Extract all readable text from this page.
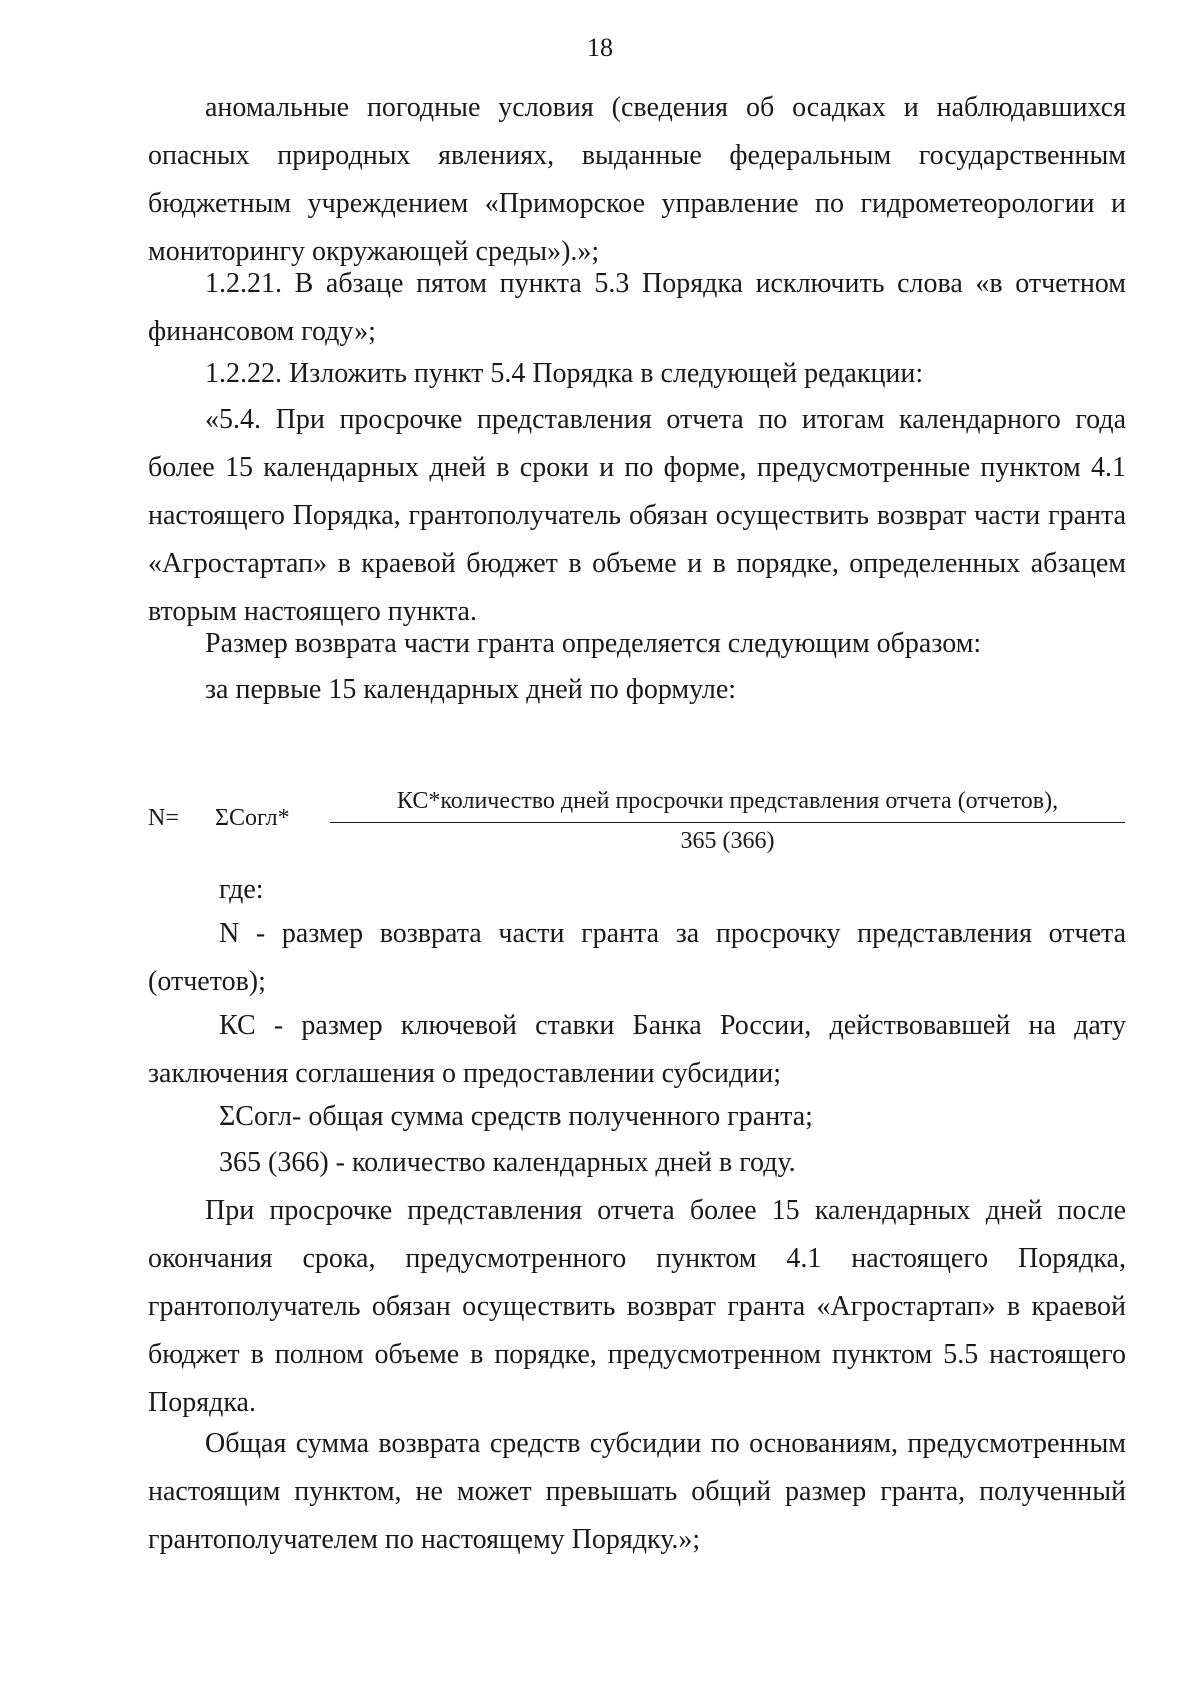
18
аномальные погодные условия (сведения об осадках и наблюдавшихся опасных природных явлениях, выданные федеральным государственным бюджетным учреждением «Приморское управление по гидрометеорологии и мониторингу окружающей среды»).»;
1.2.21. В абзаце пятом пункта 5.3 Порядка исключить слова «в отчетном финансовом году»;
1.2.22. Изложить пункт 5.4 Порядка в следующей редакции:
«5.4. При просрочке представления отчета по итогам календарного года более 15 календарных дней в сроки и по форме, предусмотренные пунктом 4.1 настоящего Порядка, грантополучатель обязан осуществить возврат части гранта «Агростартап» в краевой бюджет в объеме и в порядке, определенных абзацем вторым настоящего пункта.
Размер возврата части гранта определяется следующим образом:
за первые 15 календарных дней по формуле:
N= ΣСогл*
КС*количество дней просрочки представления отчета (отчетов),
365 (366)
где:
N - размер возврата части гранта за просрочку представления отчета (отчетов);
КС - размер ключевой ставки Банка России, действовавшей на дату заключения соглашения о предоставлении субсидии;
ΣСогл- общая сумма средств полученного гранта;
365 (366) - количество календарных дней в году.
При просрочке представления отчета более 15 календарных дней после окончания срока, предусмотренного пунктом 4.1 настоящего Порядка, грантополучатель обязан осуществить возврат гранта «Агростартап» в краевой бюджет в полном объеме в порядке, предусмотренном пунктом 5.5 настоящего Порядка.
Общая сумма возврата средств субсидии по основаниям, предусмотренным настоящим пунктом, не может превышать общий размер гранта, полученный грантополучателем по настоящему Порядку.»;
